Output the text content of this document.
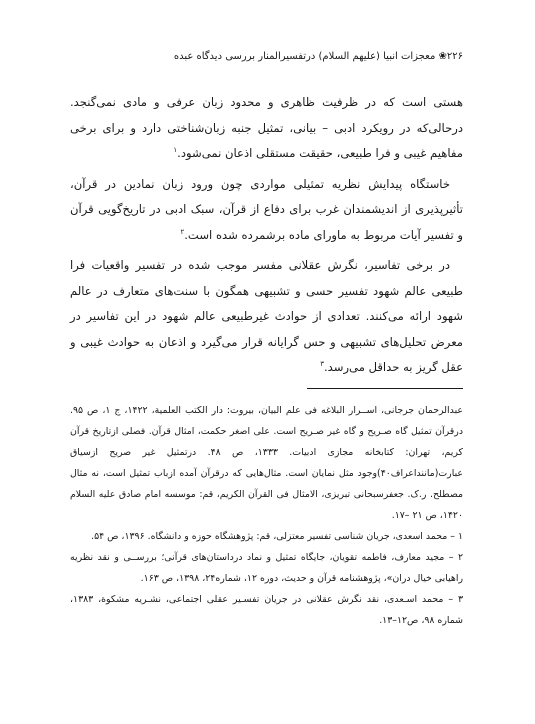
۲۲۶❀ معجزات انبیا (علیهم السلام) درتفسیرالمنار بررسی دیدگاه عبده

هستی است که در ظرفیت ظاهری و محدود زبان عرفی و مادی نمی‌گنجد. درحالی‌که در رویکرد ادبی – بیانی، تمثیل جنبه زبان‌شناختی دارد و برای برخی مفاهیم غیبی و فرا طبیعی، حقیقت مستقلی اذعان نمی‌شود.$^۱$

خاستگاه پیدایش نظریه تمثیلی مواردی چون ورود زبان نمادین در قرآن، تأثیرپذیری از اندیشمندان غرب برای دفاع از قرآن، سبک ادبی در تاریخ‌گویی قرآن و تفسیر آیات مربوط به ماورای ماده برشمرده شده است.$^۲$

در برخی تفاسیر، نگرش عقلانی مفسر موجب شده در تفسیر واقعیات فرا طبیعی عالم شهود تفسیر حسی و تشبیهی همگون با سنت‌های متعارف در عالم شهود ارائه می‌کنند. تعدادی از حوادث غیرطبیعی عالم شهود در این تفاسیر در معرض تحلیل‌های تشبیهی و حس گرایانه قرار می‌گیرد و اذعان به حوادث غیبی و عقل گریز به حداقل می‌رسد.$^۳$

عبدالرحمان جرجانی، اســرار البلاغه فی علم البیان، بیروت: دار الکتب العلمیة، ۱۴۲۲، ج ۱، ص ۹۵. درقرآن تمثیل گاه صـریح و گاه غیر صـریح است. علی اصغر حکمت، امثال قرآن. فصلی ازتاریخ قرآن کریم، تهران: کتابخانه مجازی ادبیات. ۱۳۳۳، ص ۴۸. درتمثیل غیر صریح ازسیاق عبارت(مانندا‌عراف۴۰)وجود مثل نمایان است. مثال‌هایی که درقرآن آمده ازباب تمثیل است، نه مثال مصطلح. ر.ک. جعفرسبحانی تبریزی، الامثال فی القرآن الکریم، قم: موسسه امام صادق علیه السلام ۱۴۲۰، ص ۲۱ –۱۷.

۱ – محمد اسعدی، جریان شناسی تفسیر معتزلی، قم: پژوهشگاه حوزه و دانشگاه. ۱۳۹۶، ص ۵۴.

۲ – مجید معارف، فاطمه تقویان، جایگاه تمثیل و نماد دردا‌ستان‌های قرآنی؛ بررســی و نقد نظریه راهیابی خیال دران»، پژوهشنامه قرآن و حدیث، دوره ۱۲، شماره۲۴، ۱۳۹۸، ص ۱۶۳.

۳ – محمد اسـعدی، نقد نگرش عقلانی در جریان تفسـیر عقلی اجتماعی، نشـریه مشکوة، ۱۳۸۳، شماره ۹۸، ص۱۲–۱۳.
